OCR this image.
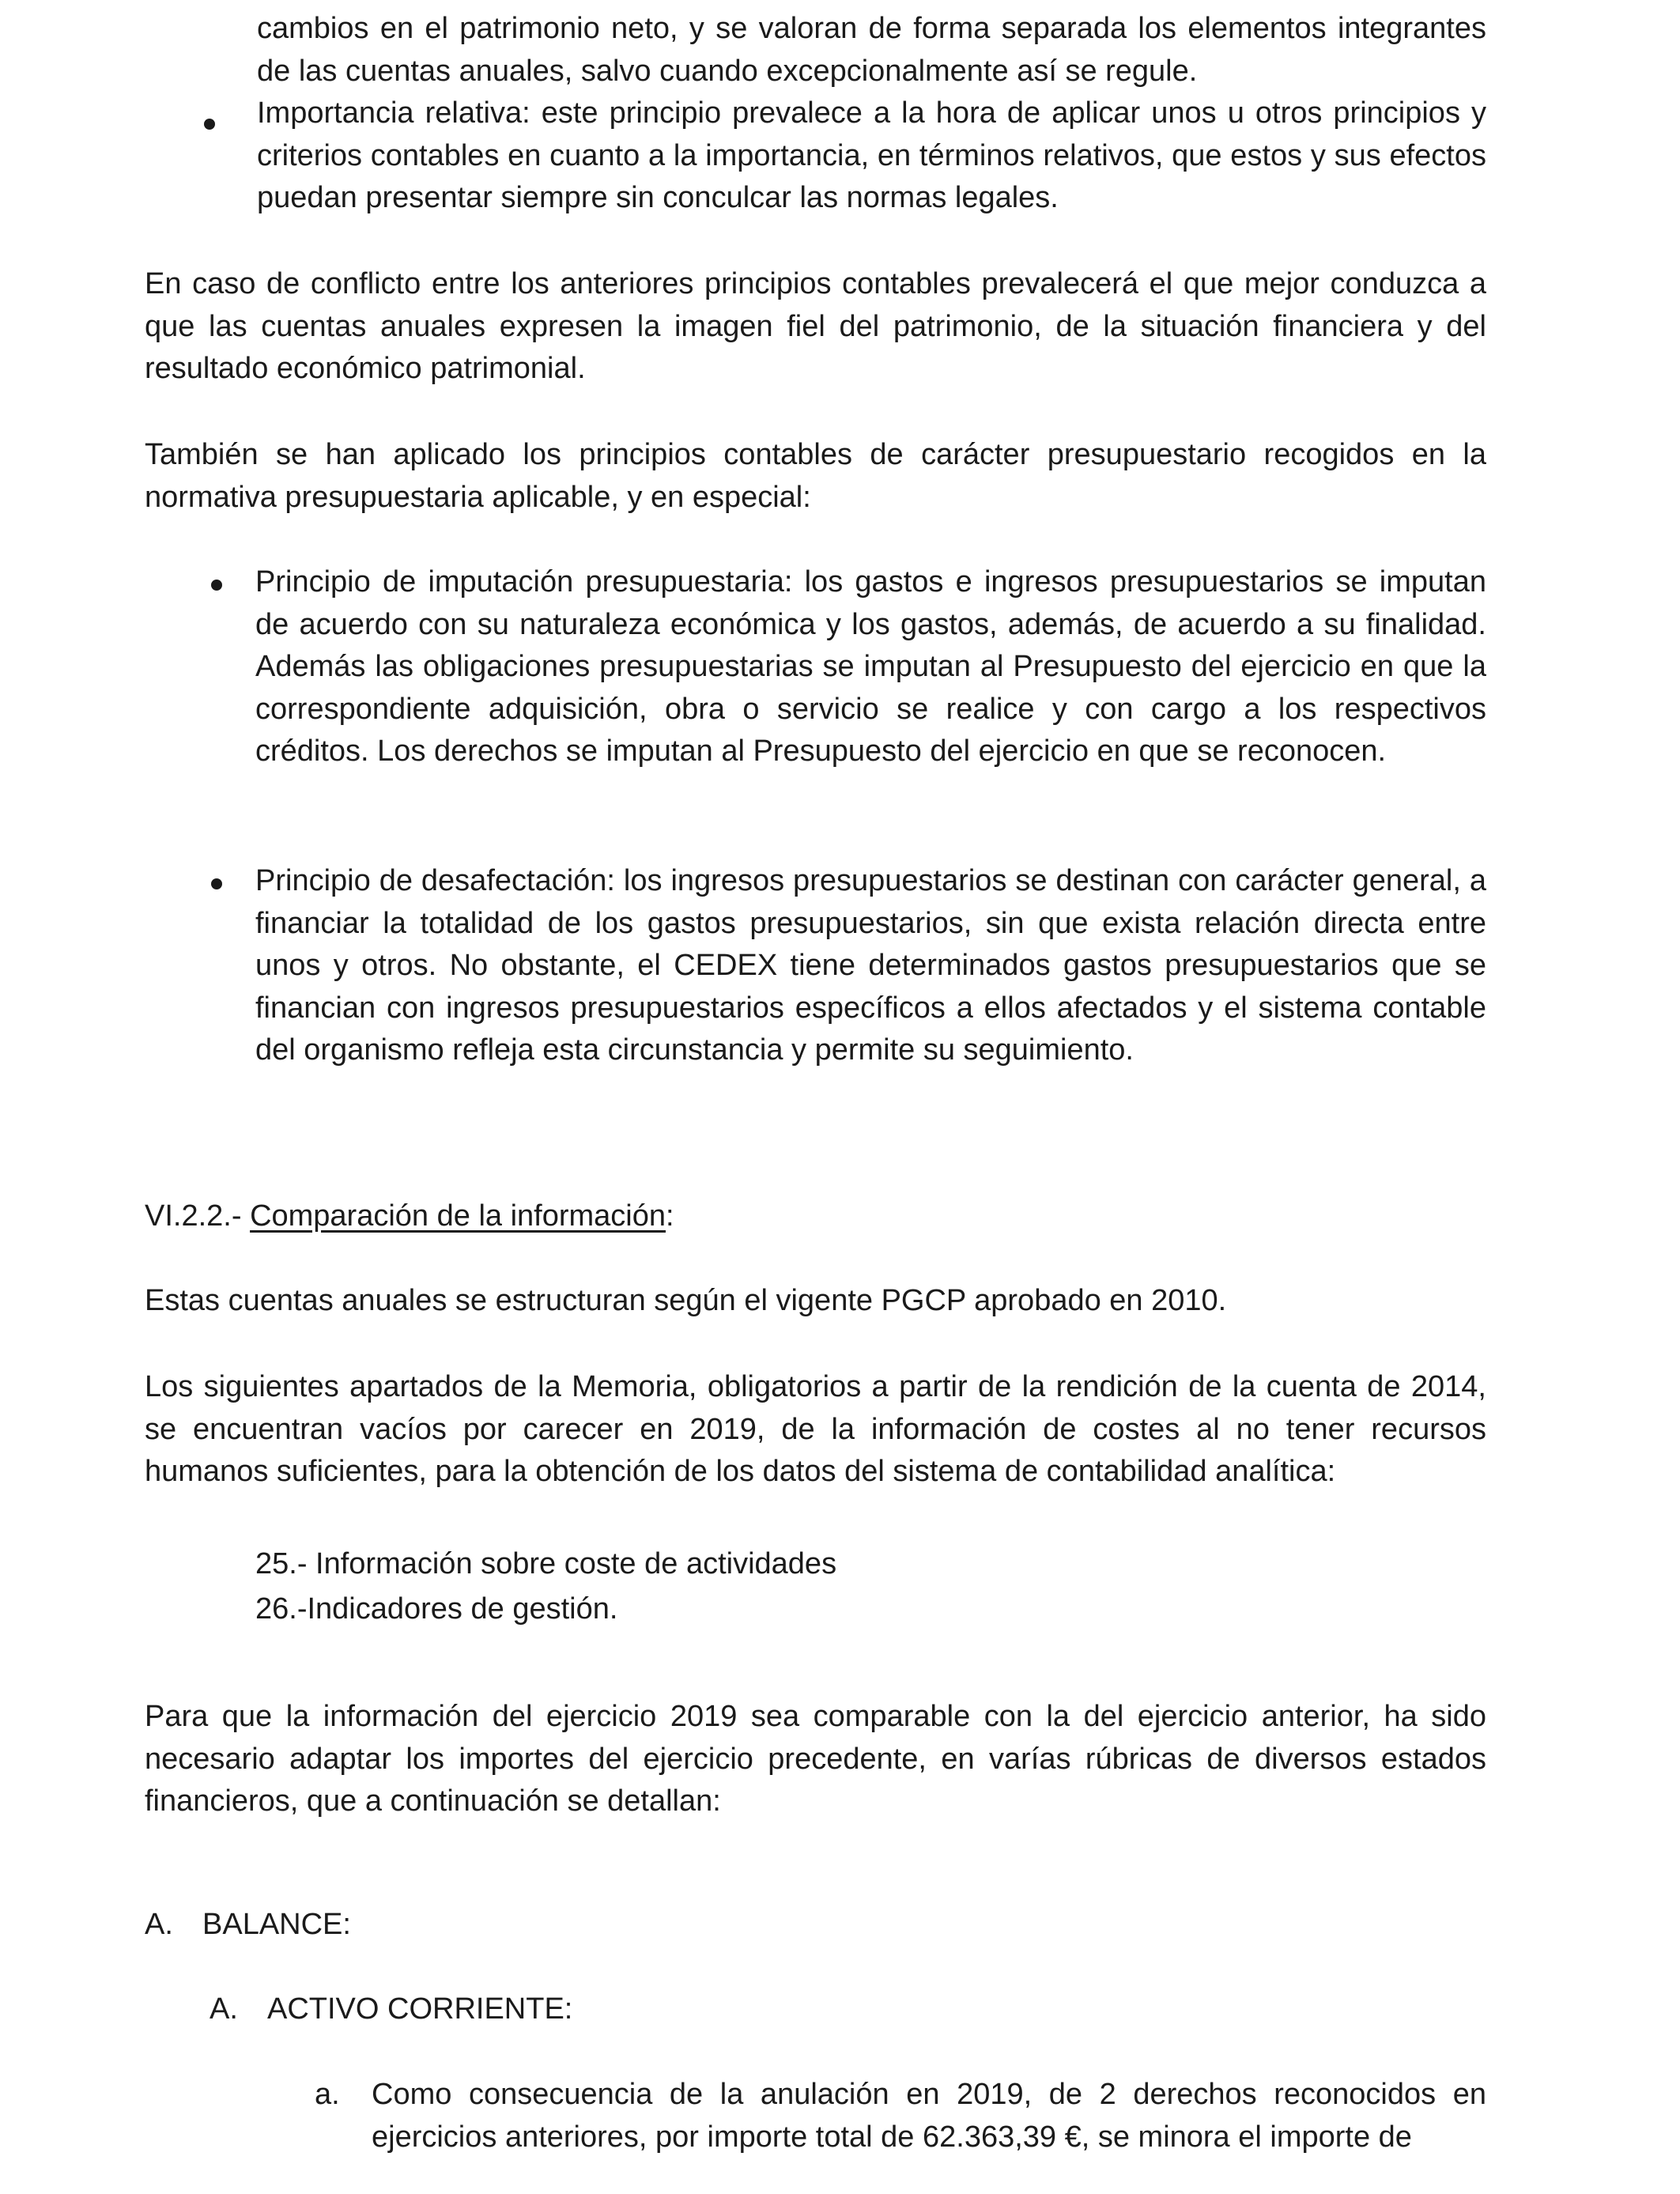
cambios en el patrimonio neto, y se valoran de forma separada los elementos integrantes de las cuentas anuales, salvo cuando excepcionalmente así se regule.

Importancia relativa: este principio prevalece a la hora de aplicar unos u otros principios y criterios contables en cuanto a la importancia, en términos relativos, que estos y sus efectos puedan presentar siempre sin conculcar las normas legales.

En caso de conflicto entre los anteriores principios contables prevalecerá el que mejor conduzca a que las cuentas anuales expresen la imagen fiel del patrimonio, de la situación financiera y del resultado económico patrimonial.

También se han aplicado los principios contables de carácter presupuestario recogidos en la normativa presupuestaria aplicable, y en especial:

Principio de imputación presupuestaria: los gastos e ingresos presupuestarios se imputan de acuerdo con su naturaleza económica y los gastos, además, de acuerdo a su finalidad. Además las obligaciones presupuestarias se imputan al Presupuesto del ejercicio en que la correspondiente adquisición, obra o servicio se realice y con cargo a los respectivos créditos. Los derechos se imputan al Presupuesto del ejercicio en que se reconocen.

Principio de desafectación: los ingresos presupuestarios se destinan con carácter general, a financiar la totalidad de los gastos presupuestarios, sin que exista relación directa entre unos y otros. No obstante, el CEDEX tiene determinados gastos presupuestarios que se financian con ingresos presupuestarios específicos a ellos afectados y el sistema contable del organismo refleja esta circunstancia y permite su seguimiento.

VI.2.2.- Comparación de la información:

Estas cuentas anuales se estructuran según el vigente PGCP aprobado en 2010.

Los siguientes apartados de la Memoria, obligatorios a partir de la rendición de la cuenta de 2014, se encuentran vacíos por carecer en 2019, de la información de costes al no tener recursos humanos suficientes, para la obtención de los datos del sistema de contabilidad analítica:

25.- Información sobre coste de actividades

26.-Indicadores de gestión.

Para que la información del ejercicio 2019 sea comparable con la del ejercicio anterior, ha sido necesario adaptar los importes del ejercicio precedente, en varías rúbricas de diversos estados financieros, que a continuación se detallan:

A. BALANCE:

A. ACTIVO CORRIENTE:

a. Como consecuencia de la anulación en 2019, de 2 derechos reconocidos en ejercicios anteriores, por importe total de 62.363,39 €, se minora el importe de
